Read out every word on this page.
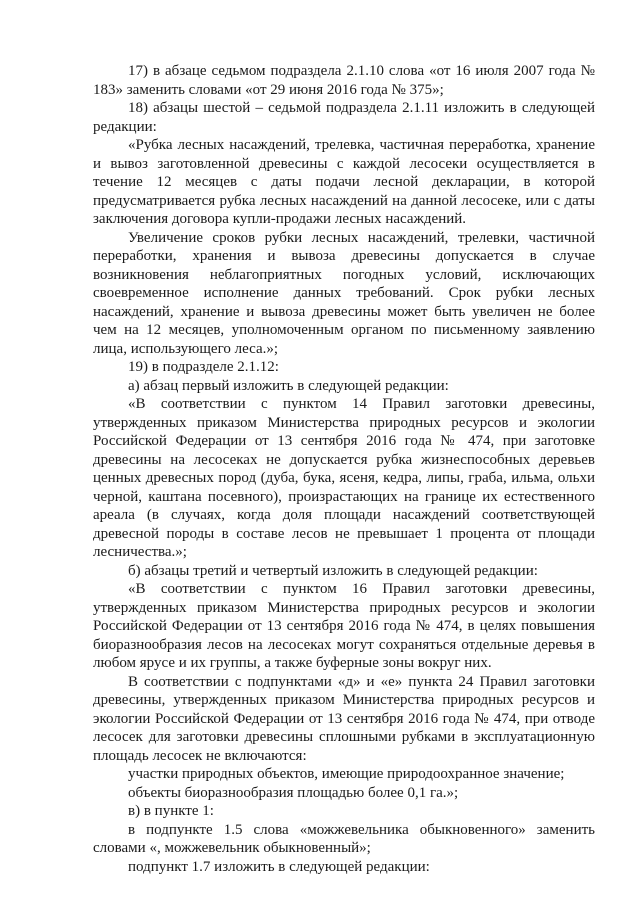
17) в абзаце седьмом подраздела 2.1.10 слова «от 16 июля 2007 года № 183» заменить словами «от 29 июня 2016 года № 375»;

18) абзацы шестой – седьмой подраздела 2.1.11 изложить в следующей редакции:

«Рубка лесных насаждений, трелевка, частичная переработка, хранение и вывоз заготовленной древесины с каждой лесосеки осуществляется в течение 12 месяцев с даты подачи лесной декларации, в которой предусматривается рубка лесных насаждений на данной лесосеке, или с даты заключения договора купли-продажи лесных насаждений.

Увеличение сроков рубки лесных насаждений, трелевки, частичной переработки, хранения и вывоза древесины допускается в случае возникновения неблагоприятных погодных условий, исключающих своевременное исполнение данных требований. Срок рубки лесных насаждений, хранение и вывоза древесины может быть увеличен не более чем на 12 месяцев, уполномоченным органом по письменному заявлению лица, использующего леса.»;

19) в подразделе 2.1.12:

а) абзац первый изложить в следующей редакции:

«В соответствии с пунктом 14 Правил заготовки древесины, утвержденных приказом Министерства природных ресурсов и экологии Российской Федерации от 13 сентября 2016 года № 474, при заготовке древесины на лесосеках не допускается рубка жизнеспособных деревьев ценных древесных пород (дуба, бука, ясеня, кедра, липы, граба, ильма, ольхи черной, каштана посевного), произрастающих на границе их естественного ареала (в случаях, когда доля площади насаждений соответствующей древесной породы в составе лесов не превышает 1 процента от площади лесничества.»;

б) абзацы третий и четвертый изложить в следующей редакции:

«В соответствии с пунктом 16 Правил заготовки древесины, утвержденных приказом Министерства природных ресурсов и экологии Российской Федерации от 13 сентября 2016 года № 474, в целях повышения биоразнообразия лесов на лесосеках могут сохраняться отдельные деревья в любом ярусе и их группы, а также буферные зоны вокруг них.

В соответствии с подпунктами «д» и «е» пункта 24 Правил заготовки древесины, утвержденных приказом Министерства природных ресурсов и экологии Российской Федерации от 13 сентября 2016 года № 474, при отводе лесосек для заготовки древесины сплошными рубками в эксплуатационную площадь лесосек не включаются:

участки природных объектов, имеющие природоохранное значение;

объекты биоразнообразия площадью более 0,1 га.»;

в) в пункте 1:

в подпункте 1.5 слова «можжевельника обыкновенного» заменить словами «, можжевельник обыкновенный»;

подпункт 1.7 изложить в следующей редакции:
